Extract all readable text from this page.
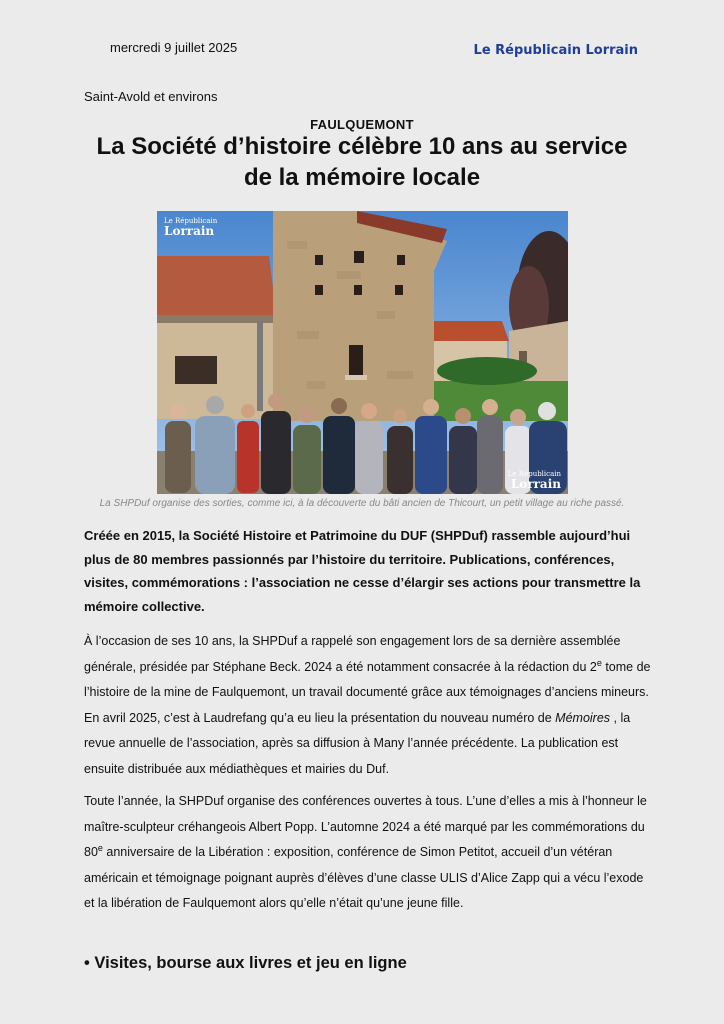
mercredi 9 juillet 2025	Le Républicain Lorrain
Saint-Avold et environs
FAULQUEMONT
La Société d’histoire célèbre 10 ans au service
de la mémoire locale
Le Républicain
Lorrain
Le Républicain
Lorrain
La SHPDuf organise des sorties, comme ici, à la découverte du bâti ancien de Thicourt, un petit village au riche passé.
Créée en 2015, la Société Histoire et Patrimoine du DUF (SHPDuf) rassemble aujourd’hui plus de 80 membres passionnés par l’histoire du territoire. Publications, conférences, visites, commémorations : l’association ne cesse d’élargir ses actions pour transmettre la mémoire collective.
À l’occasion de ses 10 ans, la SHPDuf a rappelé son engagement lors de sa dernière assemblée générale, présidée par Stéphane Beck. 2024 a été notamment consacrée à la rédaction du 2e tome de l’histoire de la mine de Faulquemont, un travail documenté grâce aux témoignages d’anciens mineurs. En avril 2025, c’est à Laudrefang qu’a eu lieu la présentation du nouveau numéro de Mémoires , la revue annuelle de l’association, après sa diffusion à Many l’année précédente. La publication est ensuite distribuée aux médiathèques et mairies du Duf.
Toute l’année, la SHPDuf organise des conférences ouvertes à tous. L’une d’elles a mis à l’honneur le maître-sculpteur créhangeois Albert Popp. L’automne 2024 a été marqué par les commémorations du 80e anniversaire de la Libération : exposition, conférence de Simon Petitot, accueil d’un vétéran américain et témoignage poignant auprès d’élèves d’une classe ULIS d’Alice Zapp qui a vécu l’exode et la libération de Faulquemont alors qu’elle n’était qu’une jeune fille.
• Visites, bourse aux livres et jeu en ligne
